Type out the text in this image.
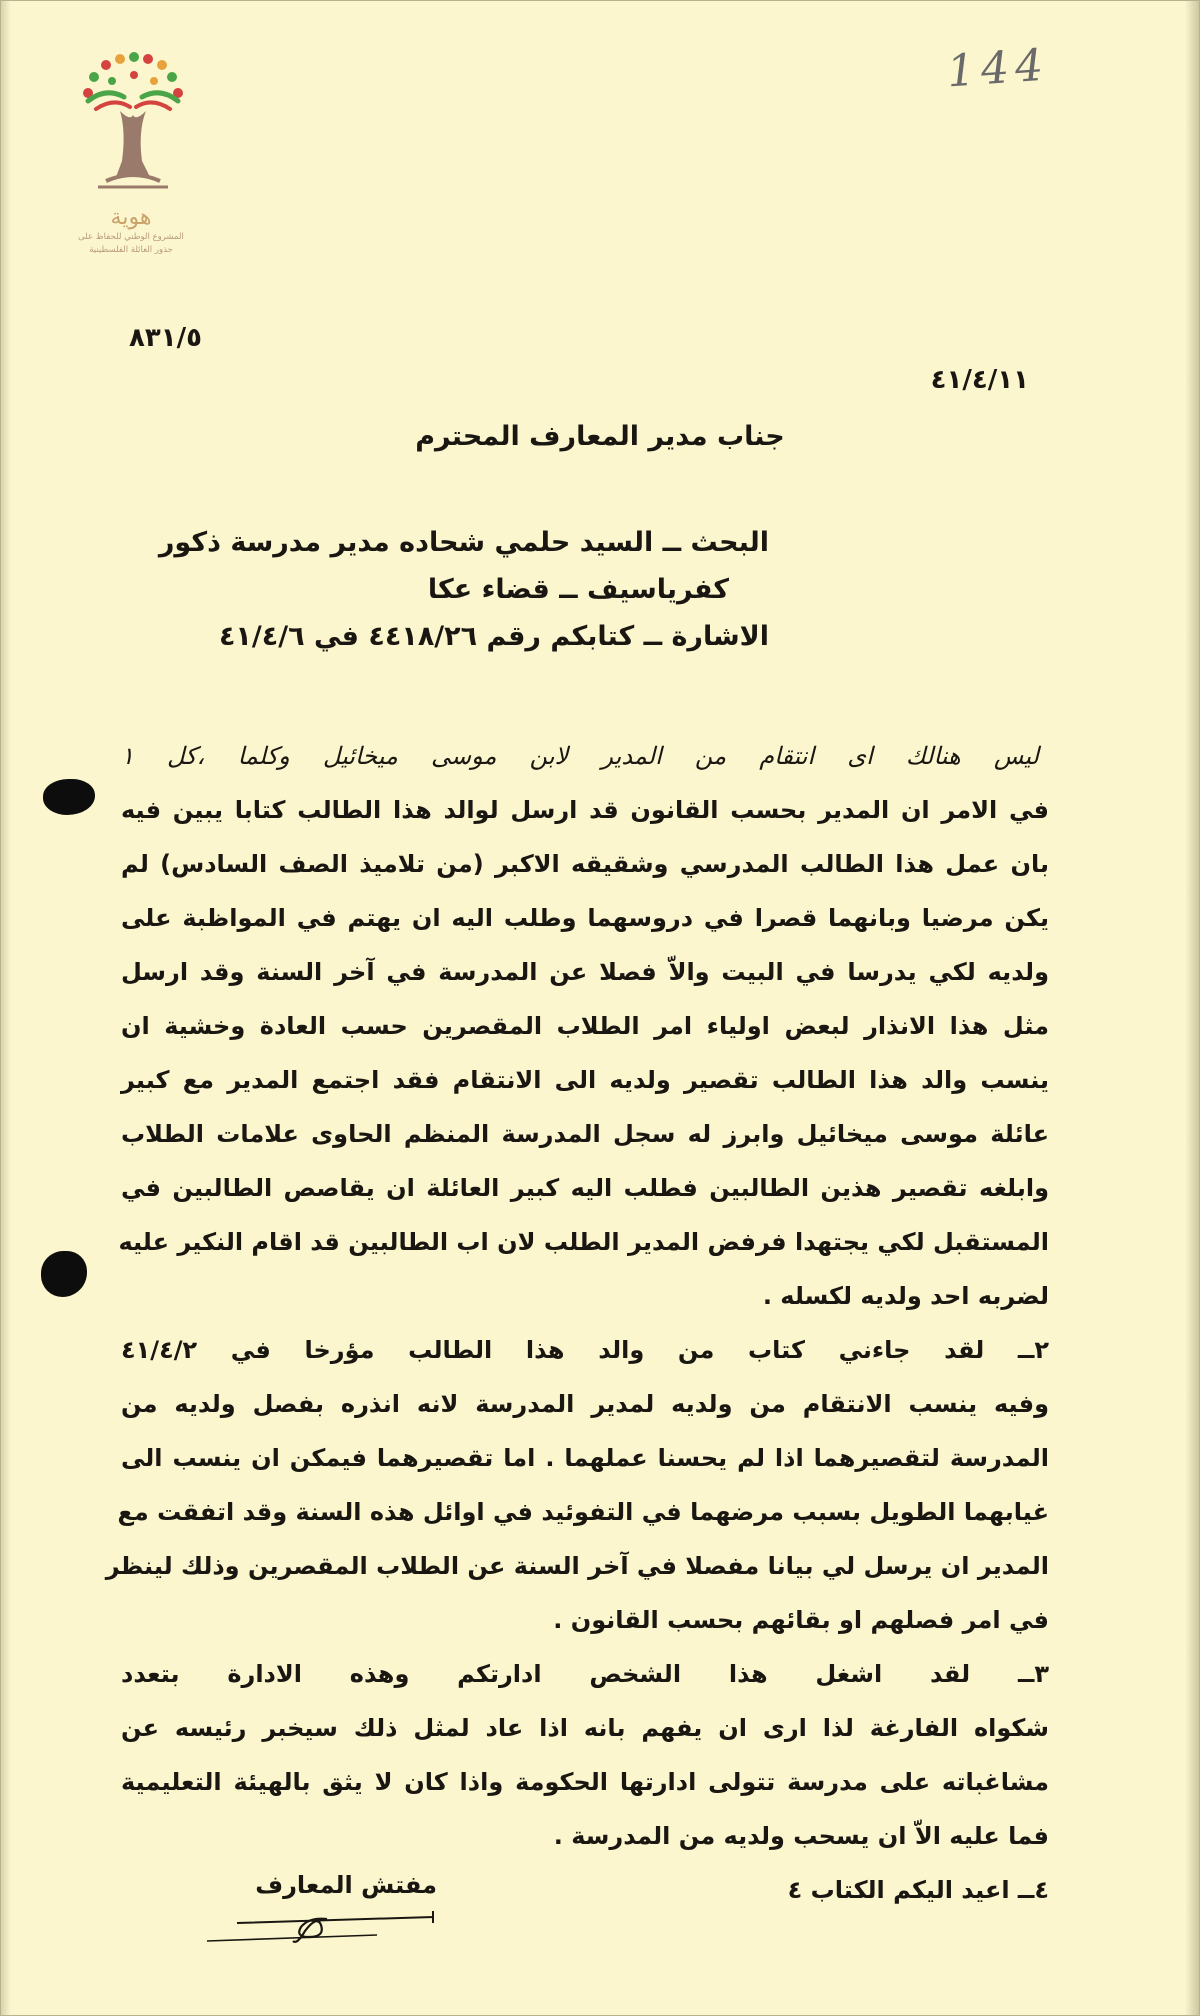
هوية
المشروع الوطني للحفاظ على
جذور العائلة الفلسطينية
144
٨٣١/٥
٤١/٤/١١
جناب مدير المعارف المحترم
البحث ــ السيد حلمي شحاده مدير مدرسة ذكور
كفرياسيف ــ قضاء عكا
الاشارة ــ كتابكم رقم ٤٤١٨/٢٦ في ٤١/٤/٦
ليس هنالك اى انتقام من المدير لابن موسى ميخائيل وكلما ،كل ١
في الامر ان المدير بحسب القانون قد ارسل لوالد هذا الطالب كتابا يبين فيه
بان عمل هذا الطالب المدرسي وشقيقه الاكبر (من تلاميذ الصف السادس) لم
يكن مرضيا وبانهما قصرا في دروسهما وطلب اليه ان يهتم في المواظبة على
ولديه لكي يدرسا في البيت والاّ فصلا عن المدرسة في آخر السنة وقد ارسل
مثل هذا الانذار لبعض اولياء امر الطلاب المقصرين حسب العادة وخشية ان
ينسب والد هذا الطالب تقصير ولديه الى الانتقام فقد اجتمع المدير مع كبير
عائلة موسى ميخائيل وابرز له سجل المدرسة المنظم الحاوى علامات الطلاب
وابلغه تقصير هذين الطالبين فطلب اليه كبير العائلة ان يقاصص الطالبين في
المستقبل لكي يجتهدا فرفض المدير الطلب لان اب الطالبين قد اقام النكير عليه
لضربه احد ولديه لكسله .
٢ــ لقد جاءني كتاب من والد هذا الطالب مؤرخا في ٤١/٤/٢
وفيه ينسب الانتقام من ولديه لمدير المدرسة لانه انذره بفصل ولديه من
المدرسة لتقصيرهما اذا لم يحسنا عملهما . اما تقصيرهما فيمكن ان ينسب الى
غيابهما الطويل بسبب مرضهما في التفوئيد في اوائل هذه السنة وقد اتفقت مع
المدير ان يرسل لي بيانا مفصلا في آخر السنة عن الطلاب المقصرين وذلك لينظر
في امر فصلهم او بقائهم بحسب القانون .
٣ــ لقد اشغل هذا الشخص ادارتكم وهذه الادارة بتعدد
شكواه الفارغة لذا ارى ان يفهم بانه اذا عاد لمثل ذلك سيخبر رئيسه عن
مشاغباته على مدرسة تتولى ادارتها الحكومة واذا كان لا يثق بالهيئة التعليمية
فما عليه الاّ ان يسحب ولديه من المدرسة .
٤ــ اعيد اليكم الكتاب ٤
مفتش المعارف
